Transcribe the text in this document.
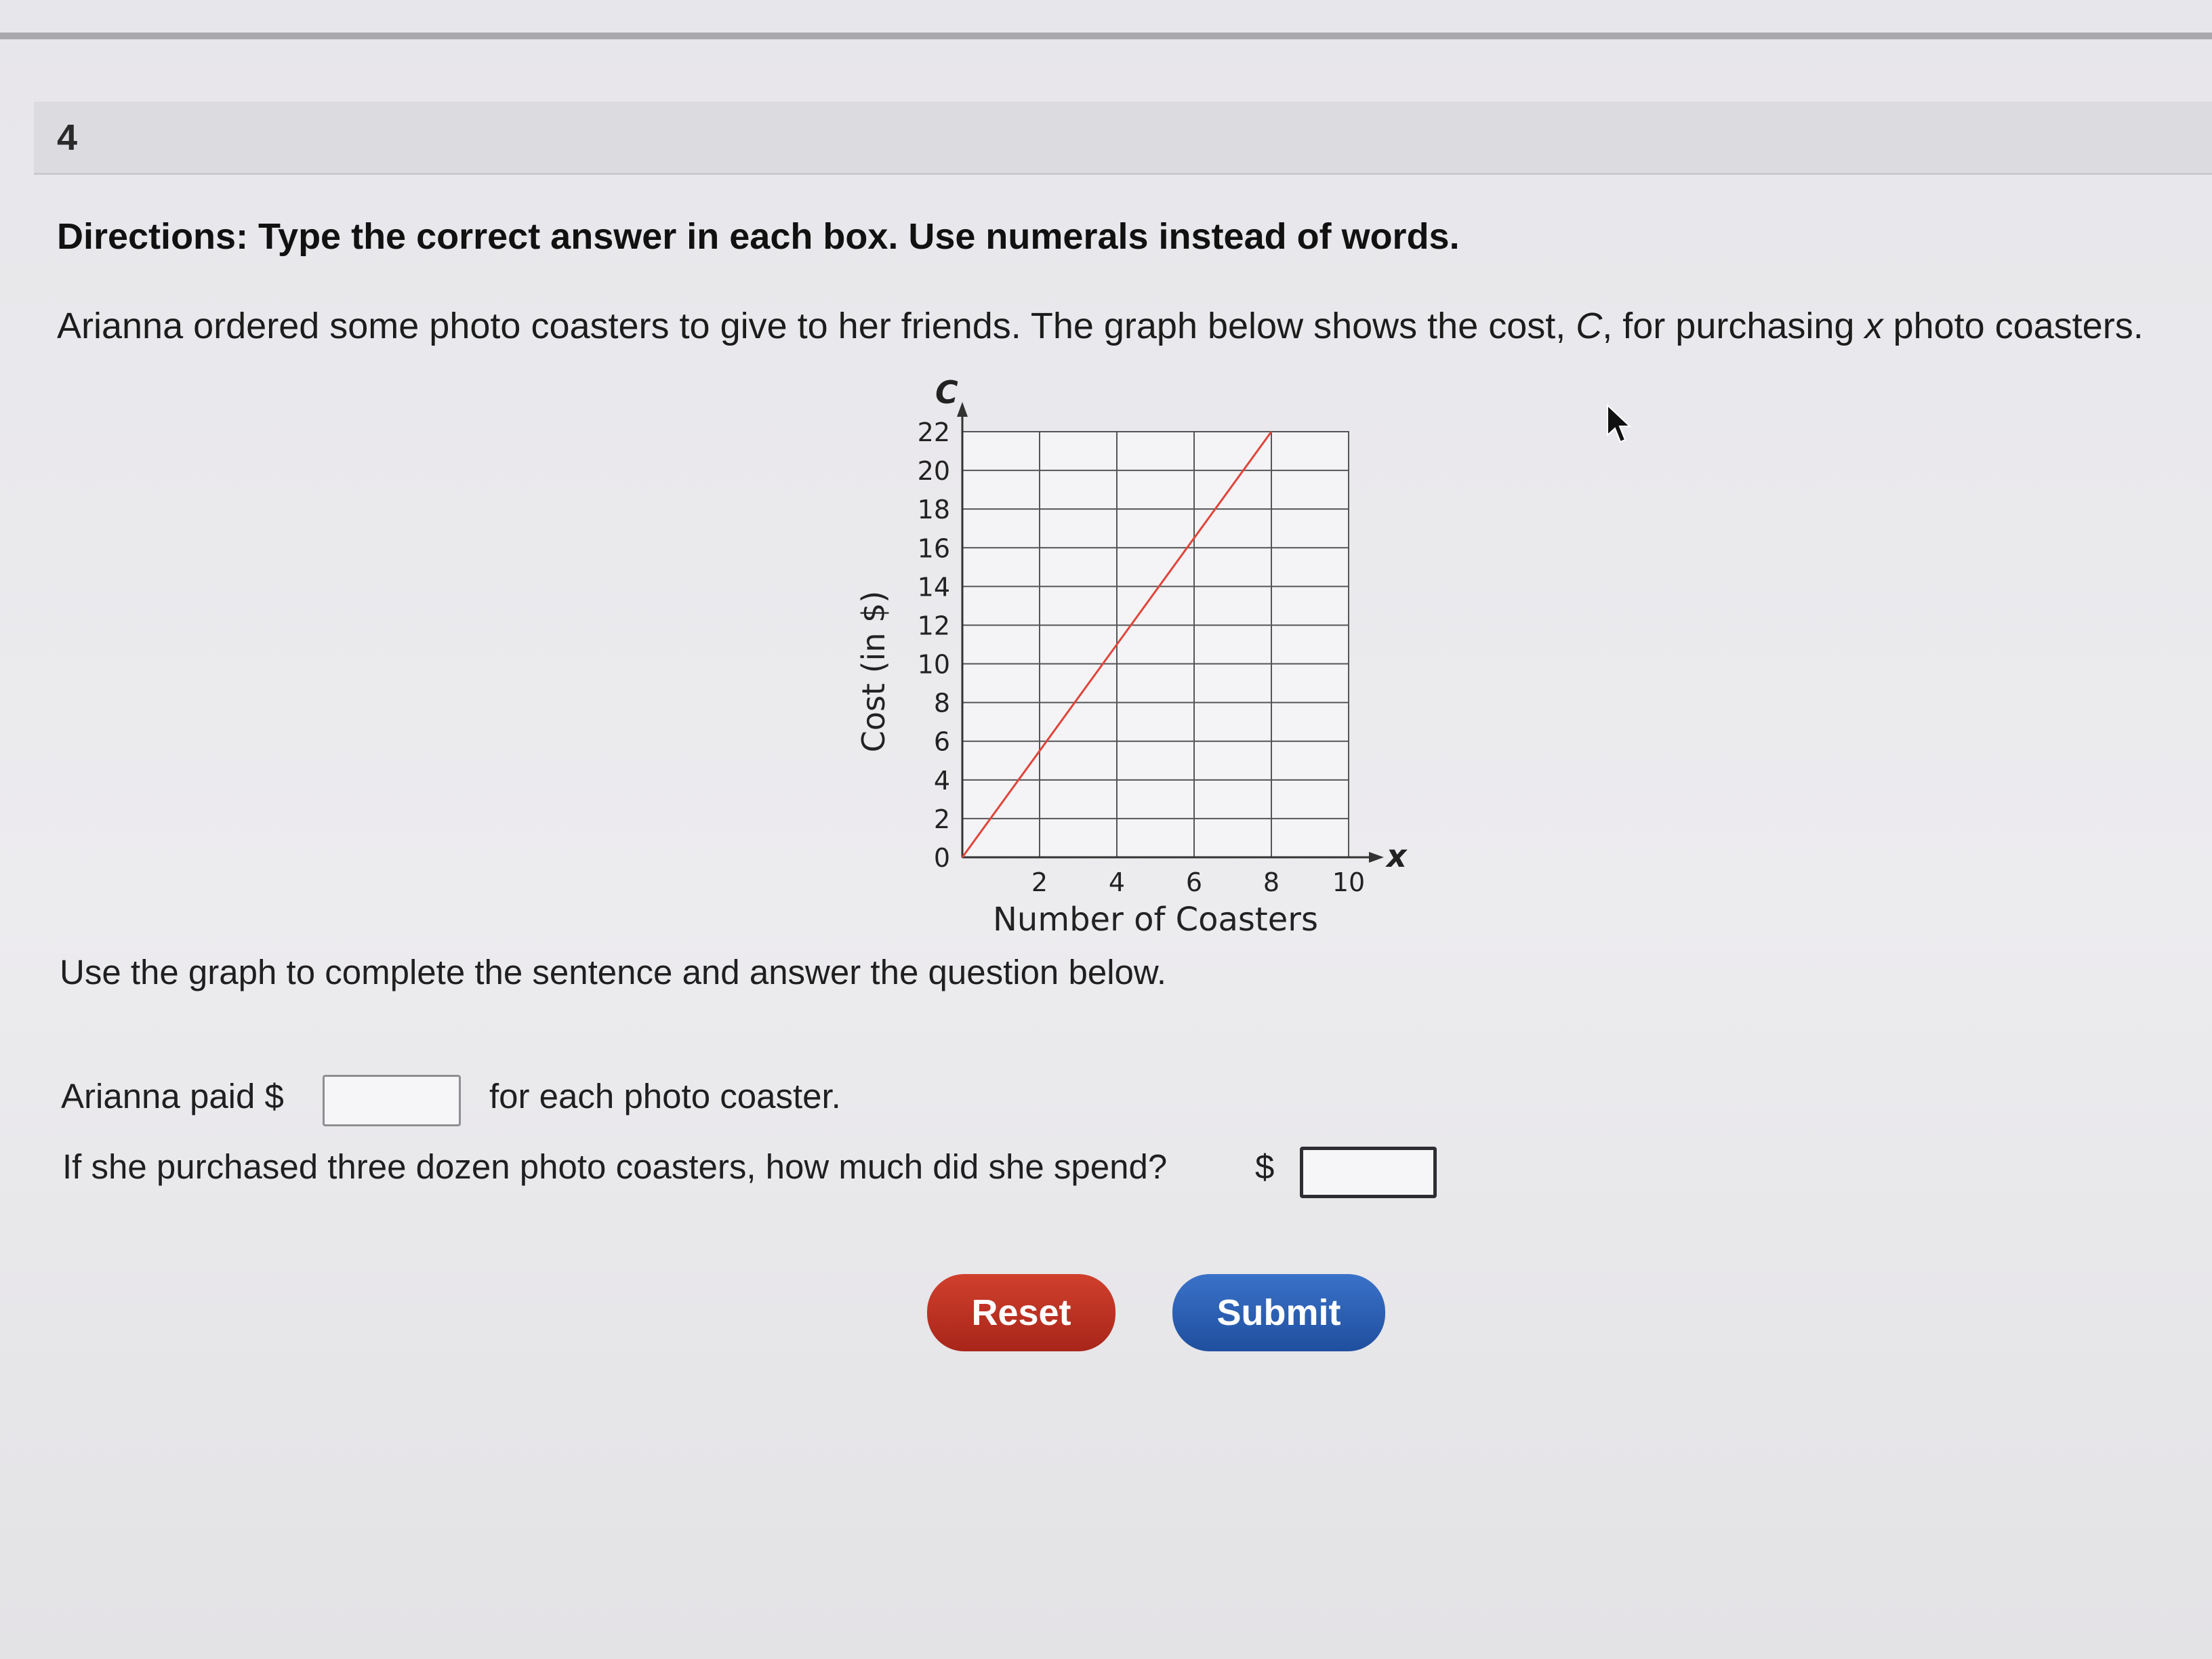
4
Directions: Type the correct answer in each box. Use numerals instead of words.
Arianna ordered some photo coasters to give to her friends. The graph below shows the cost, C, for purchasing x photo coasters.
0
2
4
6
8
10
12
14
16
18
20
22
2 4 6 8 10
C
x
Number of Coasters
Cost (in $)
Use the graph to complete the sentence and answer the question below.
Arianna paid $	for each photo coaster.
If she purchased three dozen photo coasters, how much did she spend?	$
Reset	Submit
